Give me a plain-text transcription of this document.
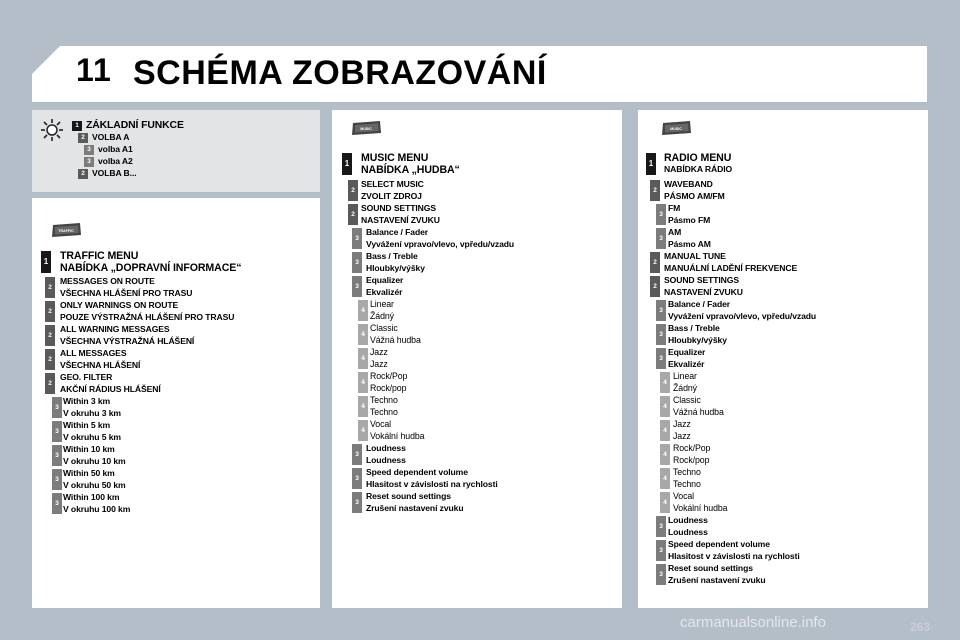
11 SCHÉMA ZOBRAZOVÁNÍ
TRAFFIC
MUSIC	MUSIC
1 ZÁKLADNÍ FUNKCE
2 VOLBA A
3 volba A1
3 volba A2
2 VOLBA B...
1 TRAFFIC MENU
NABÍDKA „DOPRAVNÍ INFORMACE“
2
MESSAGES ON ROUTE
VŠECHNA HLÁŠENÍ PRO TRASU
2
ONLY WARNINGS ON ROUTE
POUZE VÝSTRAŽNÁ HLÁŠENÍ PRO TRASU
2
ALL WARNING MESSAGES
VŠECHNA VÝSTRAŽNÁ HLÁŠENÍ
2
ALL MESSAGES
VŠECHNA HLÁŠENÍ
2
GEO. FILTER
AKČNÍ RÁDIUS HLÁŠENÍ
3
Within 3 km
V okruhu 3 km
3
Within 5 km
V okruhu 5 km
3
Within 10 km
V okruhu 10 km
3
Within 50 km
V okruhu 50 km
3
Within 100 km
V okruhu 100 km
1 MUSIC MENU
NABÍDKA „HUDBA“
2
SELECT MUSIC
ZVOLIT ZDROJ
2
SOUND SETTINGS
NASTAVENÍ ZVUKU
3
Balance / Fader
Vyvážení vpravo/vlevo, vpředu/vzadu
3
Bass / Treble
Hloubky/výšky
3
Equalizer
Ekvalizér
4
Linear
Žádný
4
Classic
Vážná hudba
4
Jazz
Jazz
4
Rock/Pop
Rock/pop
4
Techno
Techno
4
Vocal
Vokální hudba
3
Loudness
Loudness
3
Speed dependent volume
Hlasitost v závislosti na rychlosti
3
Reset sound settings
Zrušení nastavení zvuku
1 RADIO MENU
NABÍDKA RÁDIO
2
WAVEBAND
PÁSMO AM/FM
3
FM
Pásmo FM
3
AM
Pásmo AM
2
MANUAL TUNE
MANUÁLNÍ LADĚNÍ FREKVENCE
2
SOUND SETTINGS
NASTAVENÍ ZVUKU
3
Balance / Fader
Vyvážení vpravo/vlevo, vpředu/vzadu
3
Bass / Treble
Hloubky/výšky
3
Equalizer
Ekvalizér
4
Linear
Žádný
4
Classic
Vážná hudba
4
Jazz
Jazz
4
Rock/Pop
Rock/pop
4
Techno
Techno
4
Vocal
Vokální hudba
3
Loudness
Loudness
3
Speed dependent volume
Hlasitost v závislosti na rychlosti
3
Reset sound settings
Zrušení nastavení zvuku
carmanualsonline.info	263
